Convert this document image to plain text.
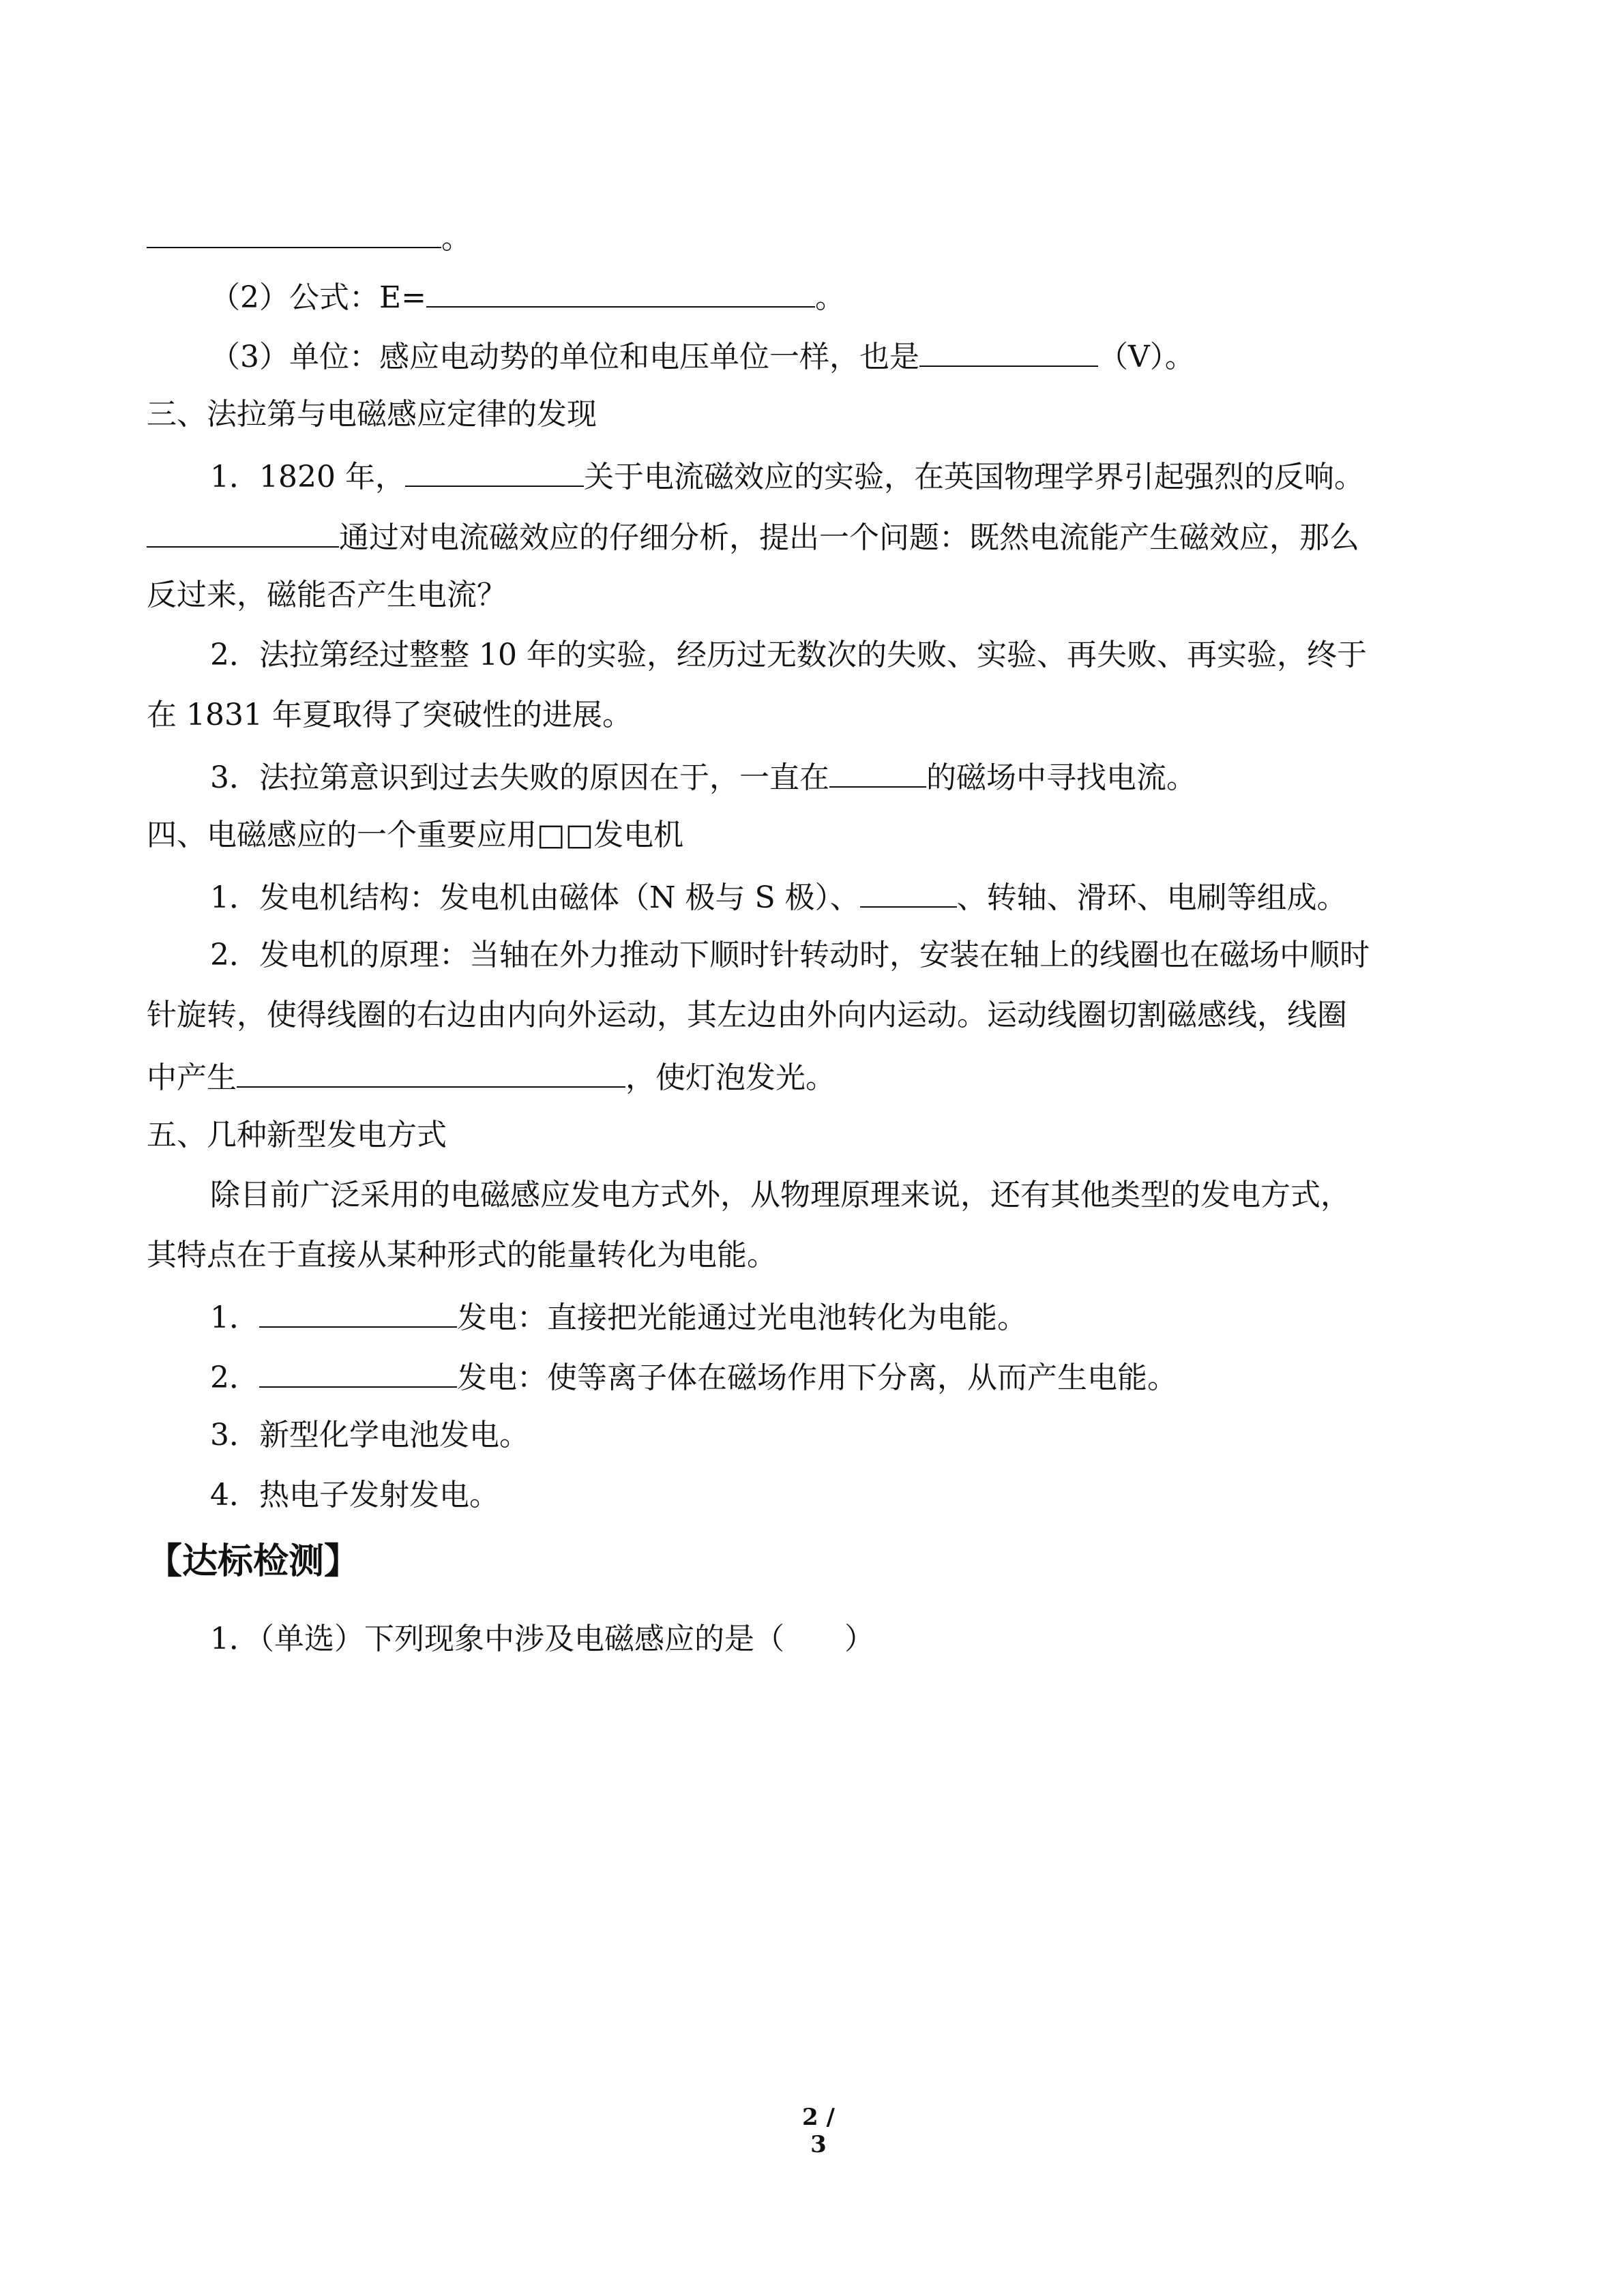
。
（2）公式：E=	。
（3）单位：感应电动势的单位和电压单位一样，也是	（V）。
三、法拉第与电磁感应定律的发现
1．1820 年，	关于电流磁效应的实验，在英国物理学界引起强烈的反响。
通过对电流磁效应的仔细分析，提出一个问题：既然电流能产生磁效应，那么
反过来，磁能否产生电流？
2．法拉第经过整整 10 年的实验，经历过无数次的失败、实验、再失败、再实验，终于
在 1831 年夏取得了突破性的进展。
3．法拉第意识到过去失败的原因在于，一直在	的磁场中寻找电流。
四、电磁感应的一个重要应用□□发电机
1．发电机结构：发电机由磁体（N 极与 S 极）、	、转轴、滑环、电刷等组成。
2．发电机的原理：当轴在外力推动下顺时针转动时，安装在轴上的线圈也在磁场中顺时
针旋转，使得线圈的右边由内向外运动，其左边由外向内运动。运动线圈切割磁感线，线圈
中产生	，使灯泡发光。
五、几种新型发电方式
除目前广泛采用的电磁感应发电方式外，从物理原理来说，还有其他类型的发电方式，
其特点在于直接从某种形式的能量转化为电能。
1．	发电：直接把光能通过光电池转化为电能。
2．	发电：使等离子体在磁场作用下分离，从而产生电能。
3．新型化学电池发电。
4．热电子发射发电。
【达标检测】
1．（单选）下列现象中涉及电磁感应的是（　　）
2 / 3
